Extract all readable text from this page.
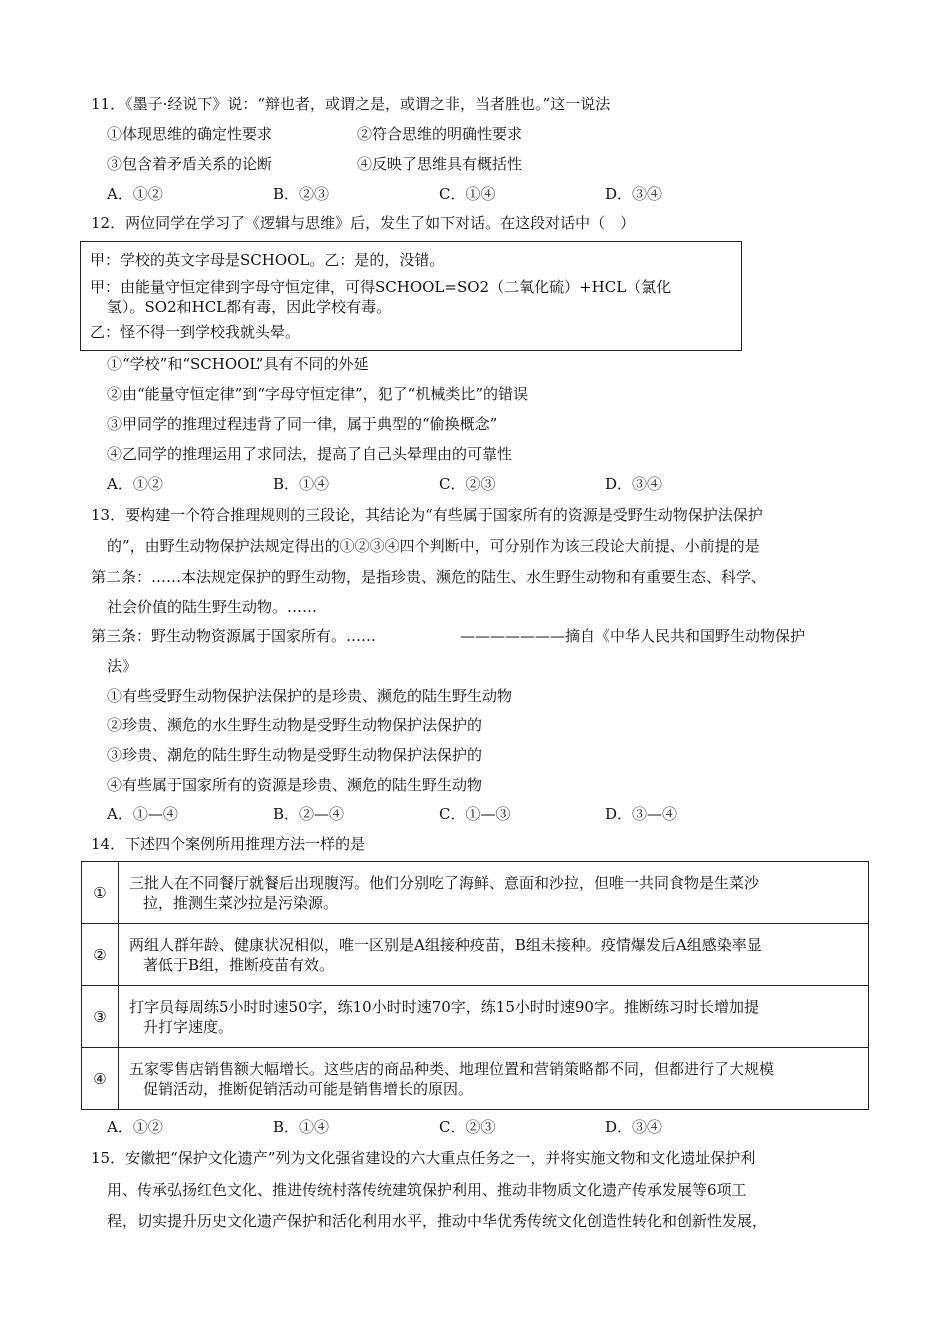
11．《墨子·经说下》说：“辩也者，或谓之是，或谓之非，当者胜也。”这一说法
①体现思维的确定性要求	②符合思维的明确性要求
③包含着矛盾关系的论断	④反映了思维具有概括性
A．①②	B．②③	C．①④	D．③④
12．两位同学在学习了《逻辑与思维》后，发生了如下对话。在这段对话中（　）
甲：学校的英文字母是SCHOOL。乙：是的，没错。
甲：由能量守恒定律到字母守恒定律，可得SCHOOL=SO2（二氧化硫）+HCL（氯化
氢）。SO2和HCL都有毒，因此学校有毒。
乙：怪不得一到学校我就头晕。
①“学校”和“SCHOOL”具有不同的外延
②由“能量守恒定律”到“字母守恒定律”，犯了“机械类比”的错误
③甲同学的推理过程违背了同一律，属于典型的“偷换概念”
④乙同学的推理运用了求同法，提高了自己头晕理由的可靠性
A．①②	B．①④	C．②③	D．③④
13．要构建一个符合推理规则的三段论，其结论为“有些属于国家所有的资源是受野生动物保护法保护
的”，由野生动物保护法规定得出的①②③④四个判断中，可分别作为该三段论大前提、小前提的是
第二条：……本法规定保护的野生动物，是指珍贵、濒危的陆生、水生野生动物和有重要生态、科学、
社会价值的陆生野生动物。……
第三条：野生动物资源属于国家所有。……	———————摘自《中华人民共和国野生动物保护
法》
①有些受野生动物保护法保护的是珍贵、濒危的陆生野生动物
②珍贵、濒危的水生野生动物是受野生动物保护法保护的
③珍贵、潮危的陆生野生动物是受野生动物保护法保护的
④有些属于国家所有的资源是珍贵、濒危的陆生野生动物
A．①—④	B．②—④	C．①—③	D．③—④
14．下述四个案例所用推理方法一样的是
①	三批人在不同餐厅就餐后出现腹泻。他们分别吃了海鲜、意面和沙拉，但唯一共同食物是生菜沙
拉，推测生菜沙拉是污染源。
②	两组人群年龄、健康状况相似，唯一区别是A组接种疫苗，B组未接种。疫情爆发后A组感染率显
著低于B组，推断疫苗有效。
③	打字员每周练5小时时速50字，练10小时时速70字，练15小时时速90字。推断练习时长增加提
升打字速度。
④	五家零售店销售额大幅增长。这些店的商品种类、地理位置和营销策略都不同，但都进行了大规模
促销活动，推断促销活动可能是销售增长的原因。
A．①②	B．①④	C．②③	D．③④
15．安徽把“保护文化遗产”列为文化强省建设的六大重点任务之一，并将实施文物和文化遗址保护利
用、传承弘扬红色文化、推进传统村落传统建筑保护利用、推动非物质文化遗产传承发展等6项工
程，切实提升历史文化遗产保护和活化利用水平，推动中华优秀传统文化创造性转化和创新性发展，
